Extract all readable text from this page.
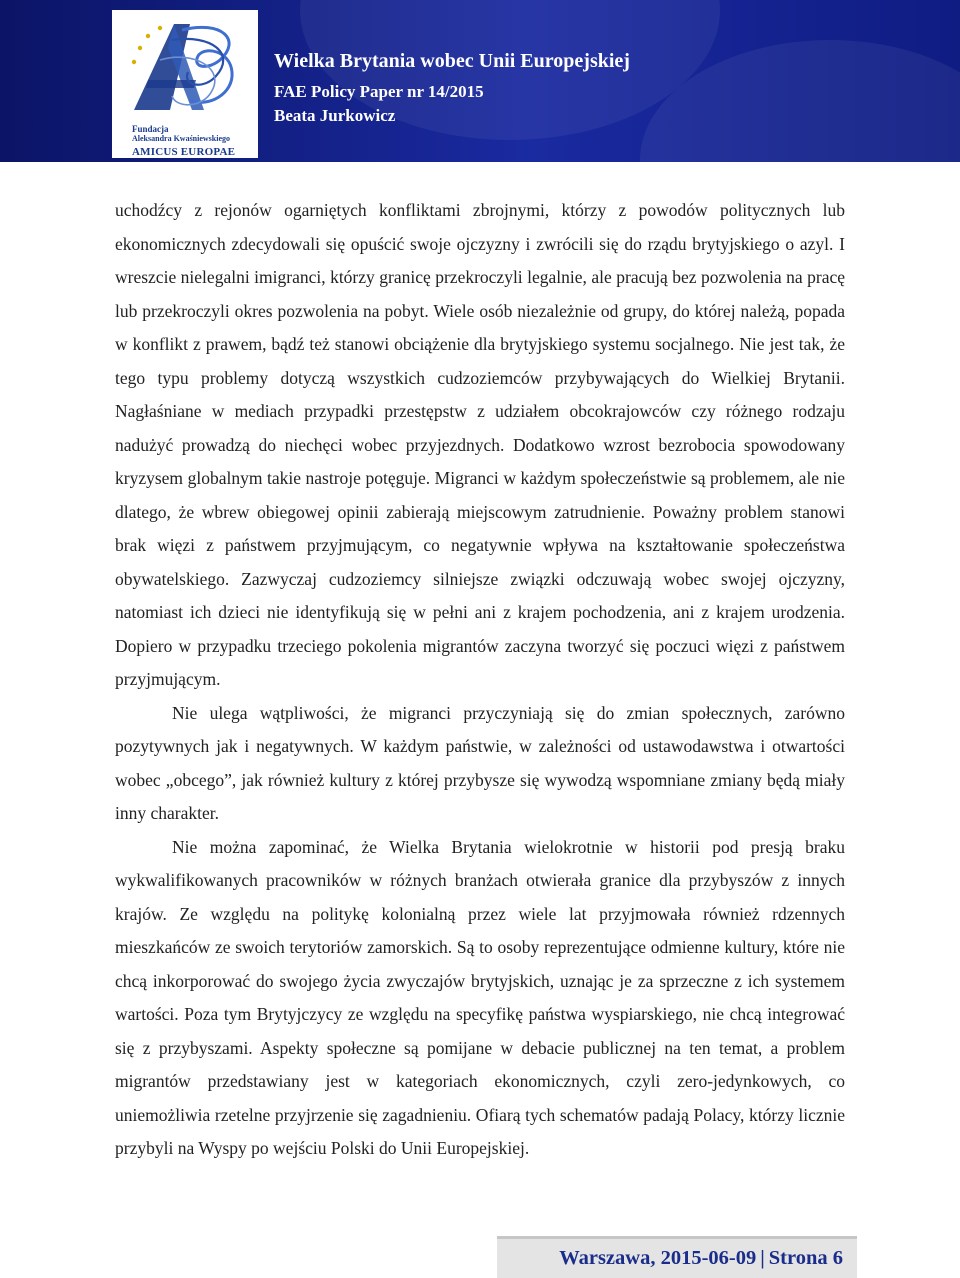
Fundacja
Aleksandra Kwaśniewskiego
AMICUS EUROPAE
Wielka Brytania wobec Unii Europejskiej
FAE Policy Paper nr 14/2015
Beata Jurkowicz

uchodźcy z rejonów ogarniętych konfliktami zbrojnymi, którzy z powodów politycznych lub ekonomicznych zdecydowali się opuścić swoje ojczyzny i zwrócili się do rządu brytyjskiego o azyl. I wreszcie nielegalni imigranci, którzy granicę przekroczyli legalnie, ale pracują bez pozwolenia na pracę lub przekroczyli okres pozwolenia na pobyt. Wiele osób niezależnie od grupy, do której należą, popada w konflikt z prawem, bądź też stanowi obciążenie dla brytyjskiego systemu socjalnego. Nie jest tak, że tego typu problemy dotyczą wszystkich cudzoziemców przybywających do Wielkiej Brytanii. Nagłaśniane w mediach przypadki przestępstw z udziałem obcokrajowców czy różnego rodzaju nadużyć prowadzą do niechęci wobec przyjezdnych. Dodatkowo wzrost bezrobocia spowodowany kryzysem globalnym takie nastroje potęguje. Migranci w każdym społeczeństwie są problemem, ale nie dlatego, że wbrew obiegowej opinii zabierają miejscowym zatrudnienie. Poważny problem stanowi brak więzi z państwem przyjmującym, co negatywnie wpływa na kształtowanie społeczeństwa obywatelskiego. Zazwyczaj cudzoziemcy silniejsze związki odczuwają wobec swojej ojczyzny, natomiast ich dzieci nie identyfikują się w pełni ani z krajem pochodzenia, ani z krajem urodzenia. Dopiero w przypadku trzeciego pokolenia migrantów zaczyna tworzyć się poczuci więzi z państwem przyjmującym.

Nie ulega wątpliwości, że migranci przyczyniają się do zmian społecznych, zarówno pozytywnych jak i negatywnych. W każdym państwie, w zależności od ustawodawstwa i otwartości wobec „obcego”, jak również kultury z której przybysze się wywodzą wspomniane zmiany będą miały inny charakter.

Nie można zapominać, że Wielka Brytania wielokrotnie w historii pod presją braku wykwalifikowanych pracowników w różnych branżach otwierała granice dla przybyszów z innych krajów. Ze względu na politykę kolonialną przez wiele lat przyjmowała również rdzennych mieszkańców ze swoich terytoriów zamorskich. Są to osoby reprezentujące odmienne kultury, które nie chcą inkorporować do swojego życia zwyczajów brytyjskich, uznając je za sprzeczne z ich systemem wartości. Poza tym Brytyjczycy ze względu na specyfikę państwa wyspiarskiego, nie chcą integrować się z przybyszami. Aspekty społeczne są pomijane w debacie publicznej na ten temat, a problem migrantów przedstawiany jest w kategoriach ekonomicznych, czyli zero-jedynkowych, co uniemożliwia rzetelne przyjrzenie się zagadnieniu. Ofiarą tych schematów padają Polacy, którzy licznie przybyli na Wyspy po wejściu Polski do Unii Europejskiej.

Warszawa, 2015-06-09 | Strona 6
